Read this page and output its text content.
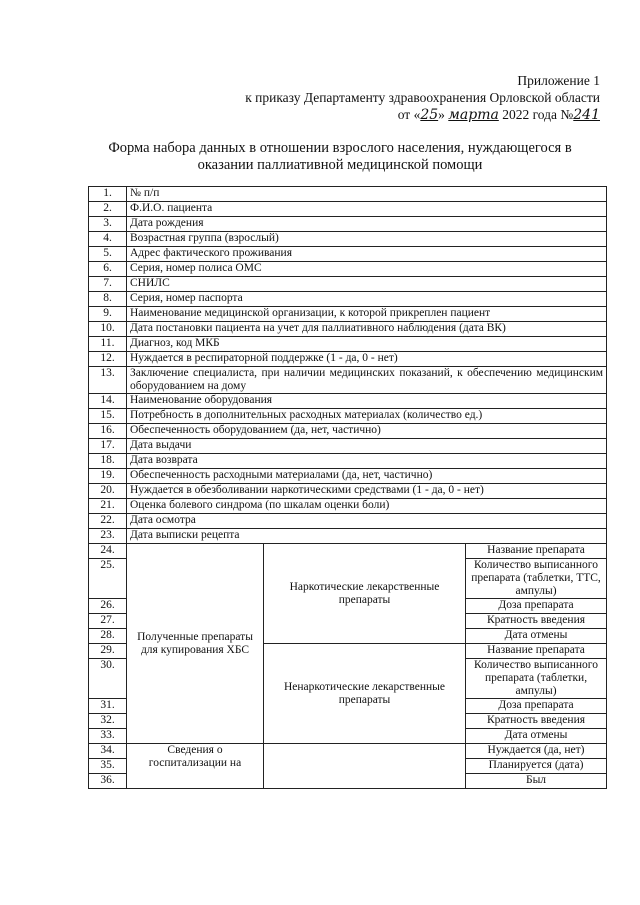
Приложение 1
к приказу Департаменту здравоохранения Орловской области
от «25» марта 2022 года №241
Форма набора данных в отношении взрослого населения, нуждающегося в оказании паллиативной медицинской помощи
1.	№ п/п		
2.	Ф.И.О. пациента		
3.	Дата рождения		
4.	Возрастная группа (взрослый)		
5.	Адрес фактического проживания		
6.	Серия, номер полиса ОМС		
7.	СНИЛС		
8.	Серия, номер паспорта		
9.	Наименование медицинской организации, к которой прикреплен пациент		
10.	Дата постановки пациента на учет для паллиативного наблюдения (дата ВК)		
11.	Диагноз, код МКБ		
12.	Нуждается в респираторной поддержке (1 - да, 0 - нет)		
13.	Заключение специалиста, при наличии медицинских показаний, к обеспечению медицинским оборудованием на дому		
14.	Наименование оборудования		
15.	Потребность в дополнительных расходных материалах (количество ед.)		
16.	Обеспеченность оборудованием (да, нет, частично)		
17.	Дата выдачи		
18.	Дата возврата		
19.	Обеспеченность расходными материалами (да, нет, частично)		
20.	Нуждается в обезболивании наркотическими средствами (1 - да, 0 - нет)		
21.	Оценка болевого синдрома (по шкалам оценки боли)		
22.	Дата осмотра		
23.	Дата выписки рецепта		
24.	Полученные препараты для купирования ХБС	Наркотические лекарственные препараты	Название препарата
25.			Количество выписанного препарата (таблетки, ТТС, ампулы)
26.			Доза препарата
27.			Кратность введения
28.			Дата отмены
29.		Ненаркотические лекарственные препараты	Название препарата
30.			Количество выписанного препарата (таблетки, ампулы)
31.			Доза препарата
32.			Кратность введения
33.			Дата отмены
34.	Сведения о госпитализации на		Нуждается (да, нет)
35.			Планируется (дата)
36.			Был
